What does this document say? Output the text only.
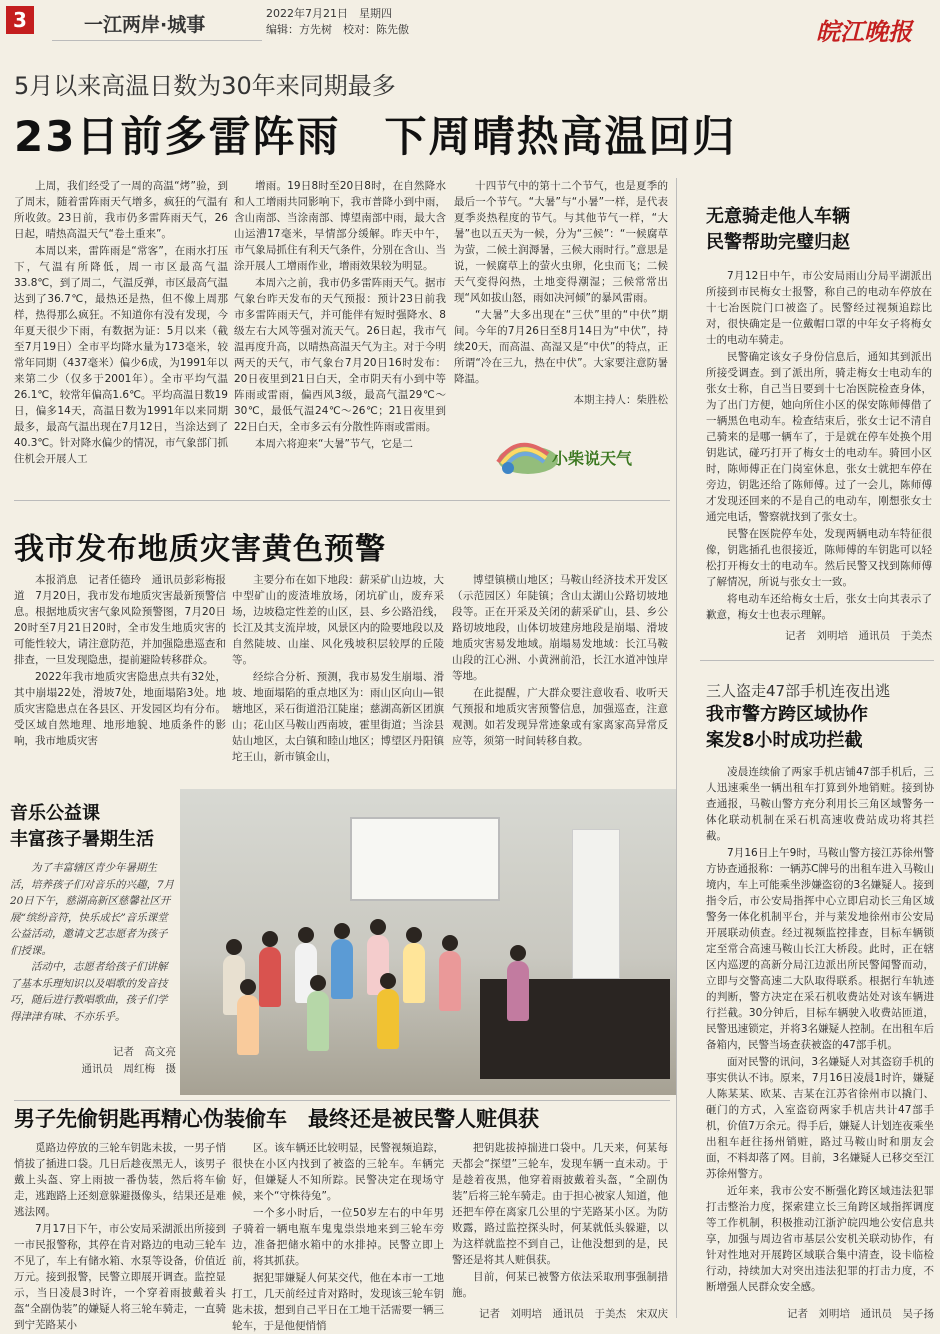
3	一江两岸·城事
2022年7月21日　星期四
编辑：方先树　校对：陈先傲	皖江晚报
5月以来高温日数为30年来同期最多
23日前多雷阵雨　下周晴热高温回归

上周，我们经受了一周的高温“烤”验，到了周末，随着雷阵雨天气增多，疯狂的气温有所收敛。23日前，我市仍多雷阵雨天气，26日起，晴热高温天气“卷土重来”。

本周以来，雷阵雨是“常客”，在雨水打压下，气温有所降低，周一市区最高气温33.8℃，到了周二，气温反弹，市区最高气温达到了36.7℃，最热还是热，但不像上周那样，热得那么疯狂。不知道你有没有发现，今年夏天很少下雨，有数据为证：5月以来（截至7月19日）全市平均降水量为173毫米，较常年同期（437毫米）偏少6成，为1991年以来第二少（仅多于2001年）。全市平均气温26.1℃，较常年偏高1.6℃。平均高温日数19日，偏多14天，高温日数为1991年以来同期最多，最高气温出现在7月12日，当涂达到了40.3℃。针对降水偏少的情况，市气象部门抓住机会开展人工

增雨。19日8时至20日8时，在自然降水和人工增雨共同影响下，我市普降小到中雨，含山南部、当涂南部、博望南部中雨，最大含山运漕17毫米，旱情部分缓解。昨天中午，市气象局抓住有利天气条件，分别在含山、当涂开展人工增雨作业，增雨效果较为明显。

本周六之前，我市仍多雷阵雨天气。据市气象台昨天发布的天气预报：预计23日前我市多雷阵雨天气，并可能伴有短时强降水、8级左右大风等强对流天气。26日起，我市气温再度升高，以晴热高温天气为主。对于今明两天的天气，市气象台7月20日16时发布：20日夜里到21日白天，全市阴天有小到中等阵雨或雷雨，偏西风3级，最高气温29℃～30℃，最低气温24℃～26℃；21日夜里到22日白天，全市多云有分散性阵雨或雷雨。

本周六将迎来“大暑”节气，它是二

十四节气中的第十二个节气，也是夏季的最后一个节气。“大暑”与“小暑”一样，是代表夏季炎热程度的节气。与其他节气一样，“大暑”也以五天为一候，分为“三候”：“一候腐草为萤，二候土润溽暑，三候大雨时行。”意思是说，一候腐草上的萤火虫卵，化虫而飞；二候天气变得闷热，土地变得潮湿；三候常常出现“风如拔山怒，雨如决河倾”的暴风雷雨。

“大暑”大多出现在“三伏”里的“中伏”期间。今年的7月26日至8月14日为“中伏”，持续20天，而高温、高湿又是“中伏”的特点，正所谓“冷在三九，热在中伏”。大家要注意防暑降温。

本期主持人：柴胜松
小柴说天气
我市发布地质灾害黄色预警

本报消息　记者任德玲　通讯员彭彩梅报道　7月20日，我市发布地质灾害最新预警信息。根据地质灾害气象风险预警图，7月20日20时至7月21日20时，全市发生地质灾害的可能性较大，请注意防范，并加强隐患巡查和排查，一旦发现隐患，提前避险转移群众。

2022年我市地质灾害隐患点共有32处，其中崩塌22处，滑坡7处，地面塌陷3处。地质灾害隐患点在各县区、开发园区均有分布。受区域自然地理、地形地貌、地质条件的影响，我市地质灾害

主要分布在如下地段：薪采矿山边坡，大中型矿山的废渣堆放场，闭坑矿山，废弃采场，边坡稳定性差的山区，县、乡公路沿线，长江及其支流岸坡，风景区内的险要地段以及自然陡坡、山崖、风化残坡积层较厚的丘陵等。

经综合分析、预测，我市易发生崩塌、滑坡、地面塌陷的重点地区为：雨山区向山—银塘地区，采石街道沿江陡崖；慈湖高新区团旗山；花山区马鞍山西南坡，霍里街道；当涂县姑山地区，太白镇和睦山地区；博望区丹阳镇坨王山，新市镇金山，

博望镇横山地区；马鞍山经济技术开发区（示范园区）年陡镇；含山太湖山公路切坡地段等。正在开采及关闭的薪采矿山，县、乡公路切坡地段，山体切坡建房地段是崩塌、滑坡地质灾害易发地域。崩塌易发地域：长江马鞍山段的江心洲、小黄洲前沿，长江水道冲蚀岸等地。

在此提醒，广大群众要注意收看、收听天气预报和地质灾害预警信息，加强巡查，注意观测。如若发现异常迹象或有家离家高异常反应等，须第一时间转移自救。

音乐公益课
丰富孩子暑期生活

为了丰富辖区青少年暑期生活，培养孩子们对音乐的兴趣，7月20日下午，慈湖高新区慈馨社区开展“缤纷音符，快乐成长”音乐课堂公益活动，邀请文艺志愿者为孩子们授课。

活动中，志愿者给孩子们讲解了基本乐理知识以及唱歌的发音技巧，随后进行教唱歌曲，孩子们学得津津有味、不亦乐乎。

记者　高文亮
通讯员　周红梅　摄
男子先偷钥匙再精心伪装偷车　最终还是被民警人赃俱获

觅路边停放的三轮车钥匙未拔，一男子悄悄拔了插进口袋。几日后趁夜黑无人，该男子戴上头盔、穿上雨披一番伪装，然后将车偷走，逃跑路上还刻意躲避摄像头，结果还是难逃法网。

7月17日下午，市公安局采湖派出所接到一市民报警称，其停在肯对路边的电动三轮车不见了，车上有储水箱、水泵等设备，价值近万元。接到报警，民警立即展开调查。监控显示，当日凌晨3时许，一个穿着雨披戴着头盔“全副伪装”的嫌疑人将三轮车骑走，一直骑到宁芜路某小

区。该车辆还比较明显，民警视频追踪，很快在小区内找到了被盗的三轮车。车辆完好，但嫌疑人不知所踪。民警决定在现场守候，来个“守株待兔”。

一个多小时后，一位50岁左右的中年男子骑着一辆电瓶车鬼鬼祟祟地来到三轮车旁边，准备把储水箱中的水排掉。民警立即上前，将其抓获。

据犯罪嫌疑人何某交代，他在本市一工地打工，几天前经过肯对路时，发现该三轮车钥匙未拔，想到自己平日在工地干活需要一辆三轮车，于是他便悄悄

把钥匙拔掉揣进口袋中。几天来，何某每天都会“探望”三轮车，发现车辆一直未动。于是趁着夜黑，他穿着雨披戴着头盔，“全副伪装”后将三轮车骑走。由于担心被家人知道，他还把车停在离家几公里的宁芜路某小区。为防败露，路过监控探头时，何某就低头躲避，以为这样就监控不到自己，让他没想到的是，民警还是将其人赃俱获。

目前，何某已被警方依法采取刑事强制措施。

记者　刘明培　通讯员　于美杰　宋双庆
无意骑走他人车辆
民警帮助完璧归赵

7月12日中午，市公安局雨山分局平湖派出所接到市民梅女士报警，称自己的电动车停放在十七冶医院门口被盗了。民警经过视频追踪比对，很快确定是一位戴帽口罩的中年女子将梅女士的电动车骑走。

民警确定该女子身份信息后，通知其到派出所接受调查。到了派出所，骑走梅女士电动车的张女士称，自己当日要到十七冶医院检查身体，为了出门方便，她向所住小区的保安陈师傅借了一辆黑色电动车。检查结束后，张女士记不清自己骑来的是哪一辆车了，于是就在停车处换个用钥匙试，碰巧打开了梅女士的电动车。骑回小区时，陈师傅正在门岗室休息，张女士就把车停在旁边，钥匙还给了陈师傅。过了一会儿，陈师傅才发现还回来的不是自己的电动车，刚想张女士通完电话，警察就找到了张女士。

民警在医院停车处，发现两辆电动车特征很像，钥匙插孔也很接近，陈师傅的车钥匙可以轻松打开梅女士的电动车。然后民警又找到陈师傅了解情况，所说与张女士一致。

将电动车还给梅女士后，张女士向其表示了歉意，梅女士也表示理解。

记者　刘明培　通讯员　于美杰
三人盗走47部手机连夜出逃
我市警方跨区域协作
案发8小时成功拦截

凌晨连续偷了两家手机店铺47部手机后，三人迅速乘坐一辆出租车打算到外地销赃。接到协查通报，马鞍山警方充分利用长三角区域警务一体化联动机制在采石机高速收费站成功将其拦截。

7月16日上午9时，马鞍山警方接江苏徐州警方协查通报称：一辆苏C牌号的出租车进入马鞍山境内，车上可能乘坐涉嫌盗窃的3名嫌疑人。接到指令后，市公安局指挥中心立即启动长三角区域警务一体化机制平台，并与莱发地徐州市公安局开展联动侦查。经过视频监控排查，目标车辆锁定至常合高速马鞍山长江大桥段。此时，正在辖区内巡逻的高新分局江边派出所民警闻警而动，立即与交警高速二大队取得联系。根据行车轨迹的判断，警方决定在采石机收费站处对该车辆进行拦截。30分钟后，目标车辆驶入收费站匝道，民警迅速锁定，并将3名嫌疑人控制。在出租车后备箱内，民警当场查获被盗的47部手机。

面对民警的讯问，3名嫌疑人对其盗窃手机的事实供认不讳。原来，7月16日凌晨1时许，嫌疑人陈某某、欧某、吉某在江苏省徐州市以撬门、砸门的方式，入室盗窃两家手机店共计47部手机，价值7万余元。得手后，嫌疑人计划连夜乘坐出租车赶往扬州销赃，路过马鞍山时和朋友会面，不料却落了网。目前，3名嫌疑人已移交至江苏徐州警方。

近年来，我市公安不断强化跨区域违法犯罪打击整治力度，探索建立长三角跨区域指挥调度等工作机制，积极推动江浙沪皖四地公安信息共享，加强与周边省市基层公安机关联动协作，有针对性地对开展跨区域联合集中清查，设卡临检行动，持续加大对突出违法犯罪的打击力度，不断增强人民群众安全感。

记者　刘明培　通讯员　吴子扬
